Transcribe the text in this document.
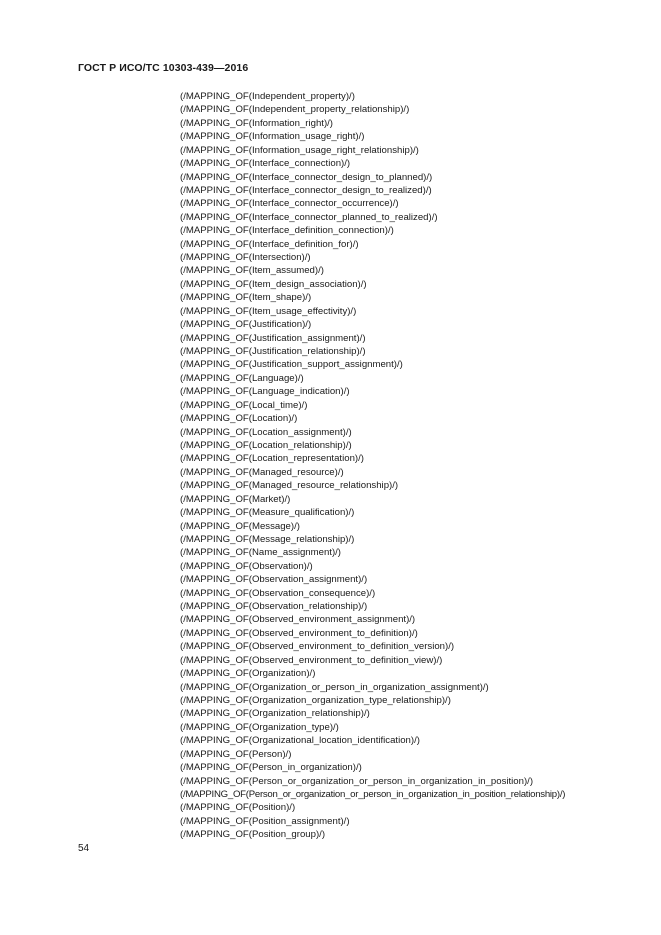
ГОСТ Р ИСО/ТС 10303-439—2016
(/MAPPING_OF(Independent_property)/)
(/MAPPING_OF(Independent_property_relationship)/)
(/MAPPING_OF(Information_right)/)
(/MAPPING_OF(Information_usage_right)/)
(/MAPPING_OF(Information_usage_right_relationship)/)
(/MAPPING_OF(Interface_connection)/)
(/MAPPING_OF(Interface_connector_design_to_planned)/)
(/MAPPING_OF(Interface_connector_design_to_realized)/)
(/MAPPING_OF(Interface_connector_occurrence)/)
(/MAPPING_OF(Interface_connector_planned_to_realized)/)
(/MAPPING_OF(Interface_definition_connection)/)
(/MAPPING_OF(Interface_definition_for)/)
(/MAPPING_OF(Intersection)/)
(/MAPPING_OF(Item_assumed)/)
(/MAPPING_OF(Item_design_association)/)
(/MAPPING_OF(Item_shape)/)
(/MAPPING_OF(Item_usage_effectivity)/)
(/MAPPING_OF(Justification)/)
(/MAPPING_OF(Justification_assignment)/)
(/MAPPING_OF(Justification_relationship)/)
(/MAPPING_OF(Justification_support_assignment)/)
(/MAPPING_OF(Language)/)
(/MAPPING_OF(Language_indication)/)
(/MAPPING_OF(Local_time)/)
(/MAPPING_OF(Location)/)
(/MAPPING_OF(Location_assignment)/)
(/MAPPING_OF(Location_relationship)/)
(/MAPPING_OF(Location_representation)/)
(/MAPPING_OF(Managed_resource)/)
(/MAPPING_OF(Managed_resource_relationship)/)
(/MAPPING_OF(Market)/)
(/MAPPING_OF(Measure_qualification)/)
(/MAPPING_OF(Message)/)
(/MAPPING_OF(Message_relationship)/)
(/MAPPING_OF(Name_assignment)/)
(/MAPPING_OF(Observation)/)
(/MAPPING_OF(Observation_assignment)/)
(/MAPPING_OF(Observation_consequence)/)
(/MAPPING_OF(Observation_relationship)/)
(/MAPPING_OF(Observed_environment_assignment)/)
(/MAPPING_OF(Observed_environment_to_definition)/)
(/MAPPING_OF(Observed_environment_to_definition_version)/)
(/MAPPING_OF(Observed_environment_to_definition_view)/)
(/MAPPING_OF(Organization)/)
(/MAPPING_OF(Organization_or_person_in_organization_assignment)/)
(/MAPPING_OF(Organization_organization_type_relationship)/)
(/MAPPING_OF(Organization_relationship)/)
(/MAPPING_OF(Organization_type)/)
(/MAPPING_OF(Organizational_location_identification)/)
(/MAPPING_OF(Person)/)
(/MAPPING_OF(Person_in_organization)/)
(/MAPPING_OF(Person_or_organization_or_person_in_organization_in_position)/)
(/MAPPING_OF(Person_or_organization_or_person_in_organization_in_position_relationship)/)
(/MAPPING_OF(Position)/)
(/MAPPING_OF(Position_assignment)/)
(/MAPPING_OF(Position_group)/)
54
